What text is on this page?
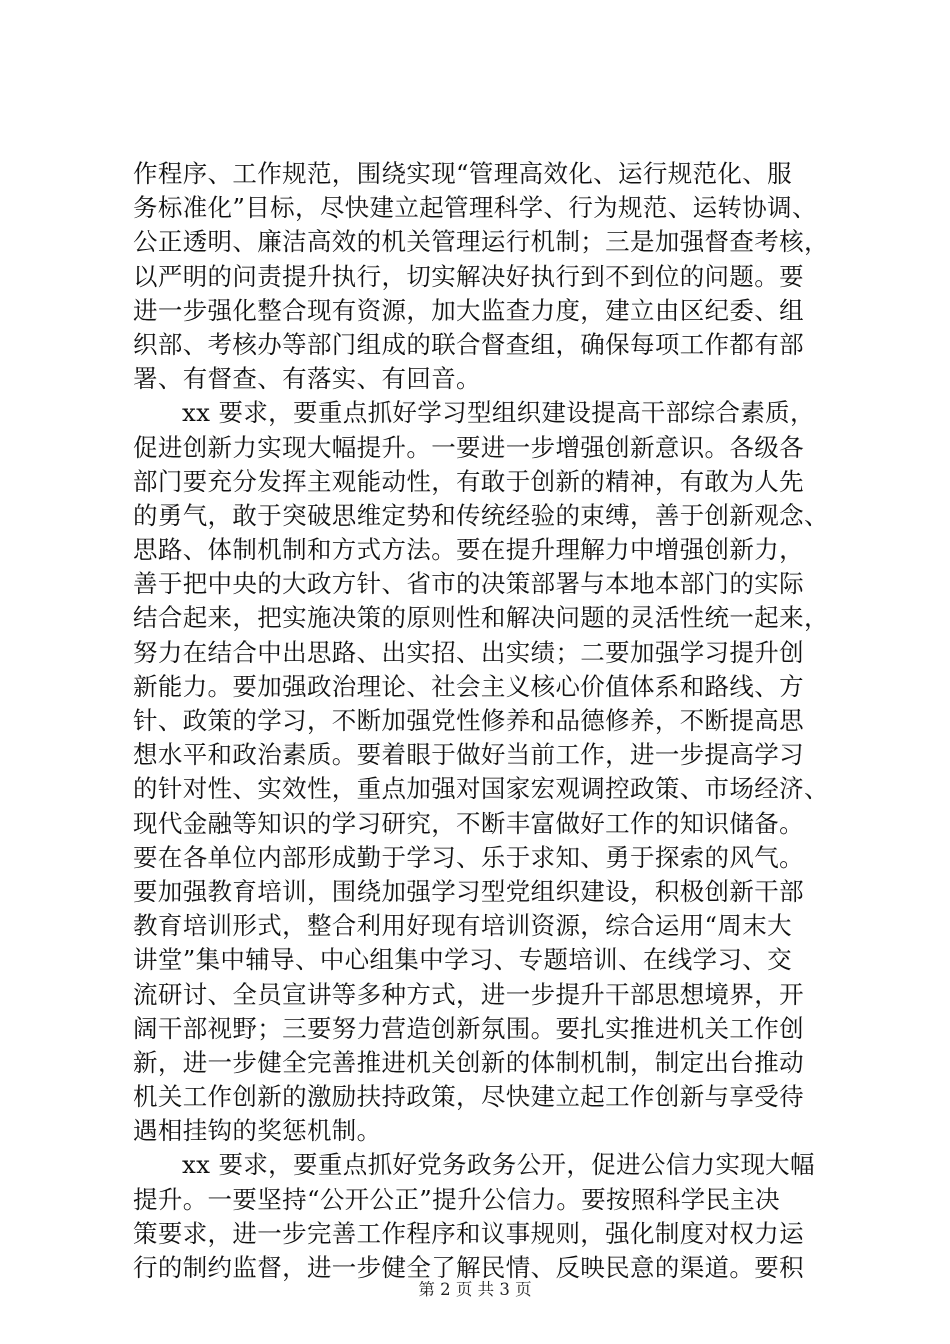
作程序、工作规范，围绕实现“管理高效化、运行规范化、服
务标准化”目标，尽快建立起管理科学、行为规范、运转协调、
公正透明、廉洁高效的机关管理运行机制；三是加强督查考核，
以严明的问责提升执行，切实解决好执行到不到位的问题。要
进一步强化整合现有资源，加大监查力度，建立由区纪委、组
织部、考核办等部门组成的联合督查组，确保每项工作都有部
署、有督查、有落实、有回音。
xx 要求，要重点抓好学习型组织建设提高干部综合素质，
促进创新力实现大幅提升。一要进一步增强创新意识。各级各
部门要充分发挥主观能动性，有敢于创新的精神，有敢为人先
的勇气，敢于突破思维定势和传统经验的束缚，善于创新观念、
思路、体制机制和方式方法。要在提升理解力中增强创新力，
善于把中央的大政方针、省市的决策部署与本地本部门的实际
结合起来，把实施决策的原则性和解决问题的灵活性统一起来，
努力在结合中出思路、出实招、出实绩；二要加强学习提升创
新能力。要加强政治理论、社会主义核心价值体系和路线、方
针、政策的学习，不断加强党性修养和品德修养，不断提高思
想水平和政治素质。要着眼于做好当前工作，进一步提高学习
的针对性、实效性，重点加强对国家宏观调控政策、市场经济、
现代金融等知识的学习研究，不断丰富做好工作的知识储备。
要在各单位内部形成勤于学习、乐于求知、勇于探索的风气。
要加强教育培训，围绕加强学习型党组织建设，积极创新干部
教育培训形式，整合利用好现有培训资源，综合运用“周末大
讲堂”集中辅导、中心组集中学习、专题培训、在线学习、交
流研讨、全员宣讲等多种方式，进一步提升干部思想境界，开
阔干部视野；三要努力营造创新氛围。要扎实推进机关工作创
新，进一步健全完善推进机关创新的体制机制，制定出台推动
机关工作创新的激励扶持政策，尽快建立起工作创新与享受待
遇相挂钩的奖惩机制。
xx 要求，要重点抓好党务政务公开，促进公信力实现大幅
提升。一要坚持“公开公正”提升公信力。要按照科学民主决
策要求，进一步完善工作程序和议事规则，强化制度对权力运
行的制约监督，进一步健全了解民情、反映民意的渠道。要积
第 2 页 共 3 页
